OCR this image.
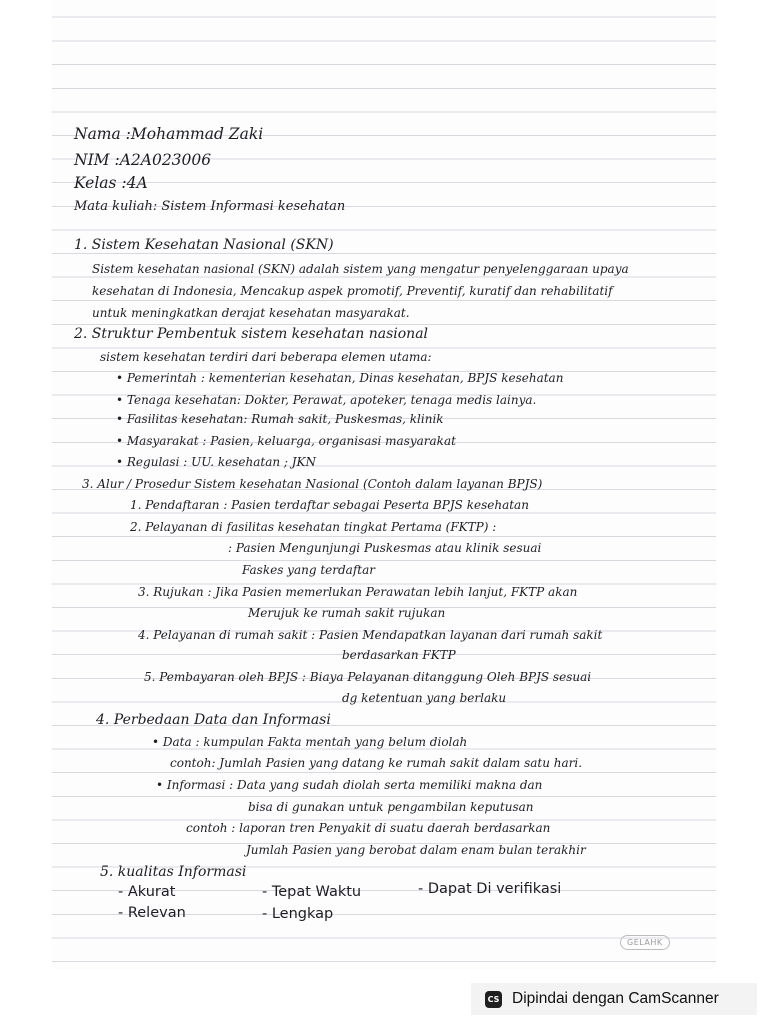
Nama :Mohammad Zaki

NIM :A2A023006

Kelas :4A

Mata kuliah: Sistem Informasi kesehatan

1. Sistem Kesehatan Nasional (SKN)

Sistem kesehatan nasional (SKN) adalah sistem yang mengatur penyelenggaraan upaya

kesehatan di Indonesia, Mencakup aspek promotif, Preventif, kuratif dan rehabilitatif

untuk meningkatkan derajat kesehatan masyarakat.

2. Struktur Pembentuk sistem kesehatan nasional

sistem kesehatan terdiri dari beberapa elemen utama:

• Pemerintah : kementerian kesehatan, Dinas kesehatan, BPJS kesehatan

• Tenaga kesehatan: Dokter, Perawat, apoteker, tenaga medis lainya.

• Fasilitas kesehatan: Rumah sakit, Puskesmas, klinik

• Masyarakat : Pasien, keluarga, organisasi masyarakat

• Regulasi : UU. kesehatan ; JKN

3. Alur / Prosedur Sistem kesehatan Nasional (Contoh dalam layanan BPJS)

1. Pendaftaran : Pasien terdaftar sebagai Peserta BPJS kesehatan

2. Pelayanan di fasilitas kesehatan tingkat Pertama (FKTP) :

: Pasien Mengunjungi Puskesmas atau klinik sesuai

Faskes yang terdaftar

3. Rujukan : Jika Pasien memerlukan Perawatan lebih lanjut, FKTP akan

Merujuk ke rumah sakit rujukan

4. Pelayanan di rumah sakit : Pasien Mendapatkan layanan dari rumah sakit

berdasarkan FKTP

5. Pembayaran oleh BPJS : Biaya Pelayanan ditanggung Oleh BPJS sesuai

dg ketentuan yang berlaku

4. Perbedaan Data dan Informasi

• Data : kumpulan Fakta mentah yang belum diolah

contoh: Jumlah Pasien yang datang ke rumah sakit dalam satu hari.

• Informasi : Data yang sudah diolah serta memiliki makna dan

bisa di gunakan untuk pengambilan keputusan

contoh : laporan tren Penyakit di suatu daerah berdasarkan

Jumlah Pasien yang berobat dalam enam bulan terakhir

5. kualitas Informasi

- Akurat	- Tepat Waktu	- Dapat Di verifikasi

- Relevan	- Lengkap

GELAHK
CS Dipindai dengan CamScanner
